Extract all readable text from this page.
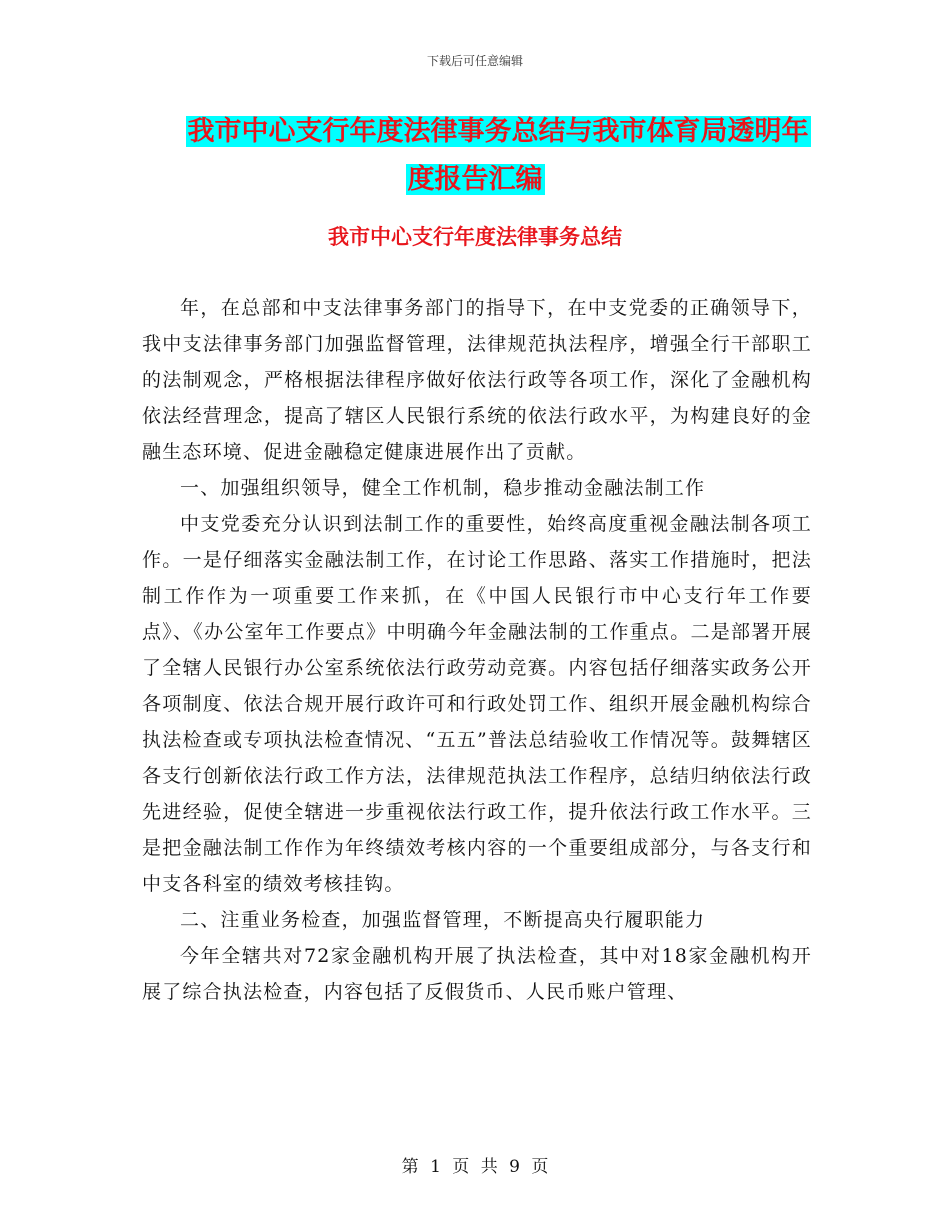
下载后可任意编辑
我市中心支行年度法律事务总结与我市体育局透明年
度报告汇编
我市中心支行年度法律事务总结

年，在总部和中支法律事务部门的指导下，在中支党委的正确领导下，我中支法律事务部门加强监督管理，法律规范执法程序，增强全行干部职工的法制观念，严格根据法律程序做好依法行政等各项工作，深化了金融机构依法经营理念，提高了辖区人民银行系统的依法行政水平，为构建良好的金融生态环境、促进金融稳定健康进展作出了贡献。

一、加强组织领导，健全工作机制，稳步推动金融法制工作

中支党委充分认识到法制工作的重要性，始终高度重视金融法制各项工作。一是仔细落实金融法制工作，在讨论工作思路、落实工作措施时，把法制工作作为一项重要工作来抓，在《中国人民银行市中心支行年工作要点》、《办公室年工作要点》中明确今年金融法制的工作重点。二是部署开展了全辖人民银行办公室系统依法行政劳动竞赛。内容包括仔细落实政务公开各项制度、依法合规开展行政许可和行政处罚工作、组织开展金融机构综合执法检查或专项执法检查情况、“五五”普法总结验收工作情况等。鼓舞辖区各支行创新依法行政工作方法，法律规范执法工作程序，总结归纳依法行政先进经验，促使全辖进一步重视依法行政工作，提升依法行政工作水平。三是把金融法制工作作为年终绩效考核内容的一个重要组成部分，与各支行和中支各科室的绩效考核挂钩。

二、注重业务检查，加强监督管理，不断提高央行履职能力

今年全辖共对72家金融机构开展了执法检查，其中对18家金融机构开展了综合执法检查，内容包括了反假货币、人民币账户管理、

第 1 页 共 9 页
